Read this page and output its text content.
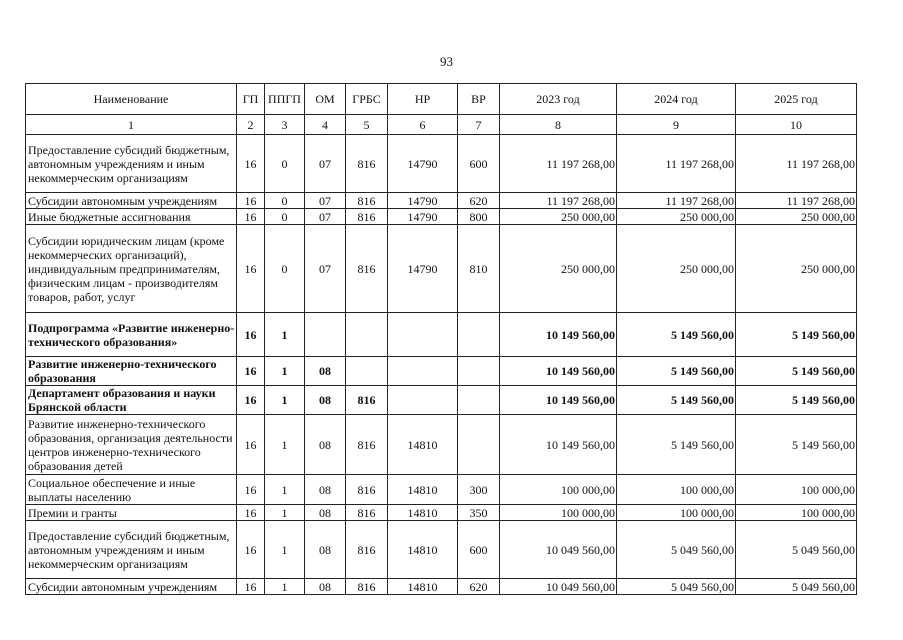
93
Наименование	ГП	ППГП	ОМ	ГРБС	НР	ВР	2023 год	2024 год	2025 год
1	2	3	4	5	6	7	8	9	10
Предоставление субсидий бюджетным, автономным учреждениям и иным некоммерческим организациям	16	0	07	816	14790	600	11 197 268,00	11 197 268,00	11 197 268,00
Субсидии автономным учреждениям	16	0	07	816	14790	620	11 197 268,00	11 197 268,00	11 197 268,00
Иные бюджетные ассигнования	16	0	07	816	14790	800	250 000,00	250 000,00	250 000,00
Субсидии юридическим лицам (кроме некоммерческих организаций), индивидуальным предпринимателям, физическим лицам - производителям товаров, работ, услуг	16	0	07	816	14790	810	250 000,00	250 000,00	250 000,00
Подпрограмма «Развитие инженерно-технического образования»	16	1					10 149 560,00	5 149 560,00	5 149 560,00
Развитие инженерно-технического образования	16	1	08				10 149 560,00	5 149 560,00	5 149 560,00
Департамент образования и науки Брянской области	16	1	08	816			10 149 560,00	5 149 560,00	5 149 560,00
Развитие инженерно-технического образования, организация деятельности центров инженерно-технического образования детей	16	1	08	816	14810		10 149 560,00	5 149 560,00	5 149 560,00
Социальное обеспечение и иные выплаты населению	16	1	08	816	14810	300	100 000,00	100 000,00	100 000,00
Премии и гранты	16	1	08	816	14810	350	100 000,00	100 000,00	100 000,00
Предоставление субсидий бюджетным, автономным учреждениям и иным некоммерческим организациям	16	1	08	816	14810	600	10 049 560,00	5 049 560,00	5 049 560,00
Субсидии автономным учреждениям	16	1	08	816	14810	620	10 049 560,00	5 049 560,00	5 049 560,00
